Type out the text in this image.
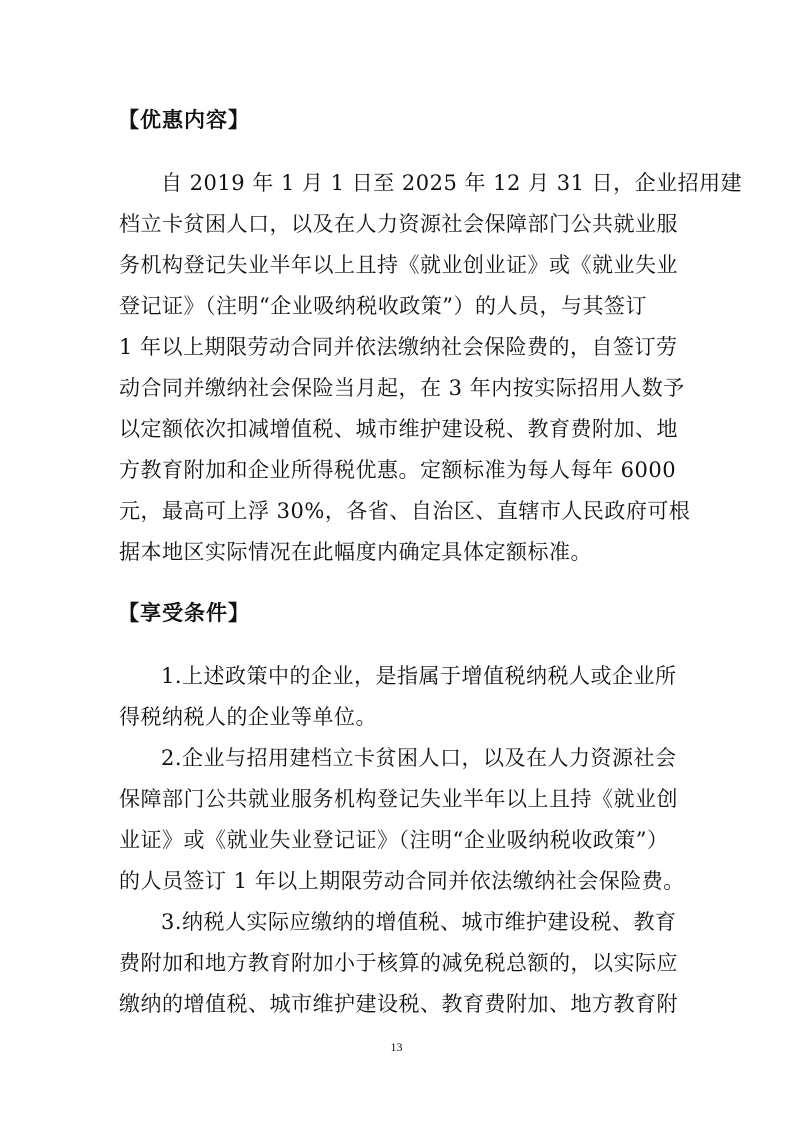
【优惠内容】
自 2019 年 1 月 1 日至 2025 年 12 月 31 日，企业招用建
档立卡贫困人口，以及在人力资源社会保障部门公共就业服
务机构登记失业半年以上且持《就业创业证》或《就业失业
登记证》（注明“企业吸纳税收政策”）的人员，与其签订
1 年以上期限劳动合同并依法缴纳社会保险费的，自签订劳
动合同并缴纳社会保险当月起，在 3 年内按实际招用人数予
以定额依次扣减增值税、城市维护建设税、教育费附加、地
方教育附加和企业所得税优惠。定额标准为每人每年 6000
元，最高可上浮 30%，各省、自治区、直辖市人民政府可根
据本地区实际情况在此幅度内确定具体定额标准。
【享受条件】
1.上述政策中的企业，是指属于增值税纳税人或企业所
得税纳税人的企业等单位。
2.企业与招用建档立卡贫困人口，以及在人力资源社会
保障部门公共就业服务机构登记失业半年以上且持《就业创
业证》或《就业失业登记证》（注明“企业吸纳税收政策”）
的人员签订 1 年以上期限劳动合同并依法缴纳社会保险费。
3.纳税人实际应缴纳的增值税、城市维护建设税、教育
费附加和地方教育附加小于核算的减免税总额的，以实际应
缴纳的增值税、城市维护建设税、教育费附加、地方教育附
13
